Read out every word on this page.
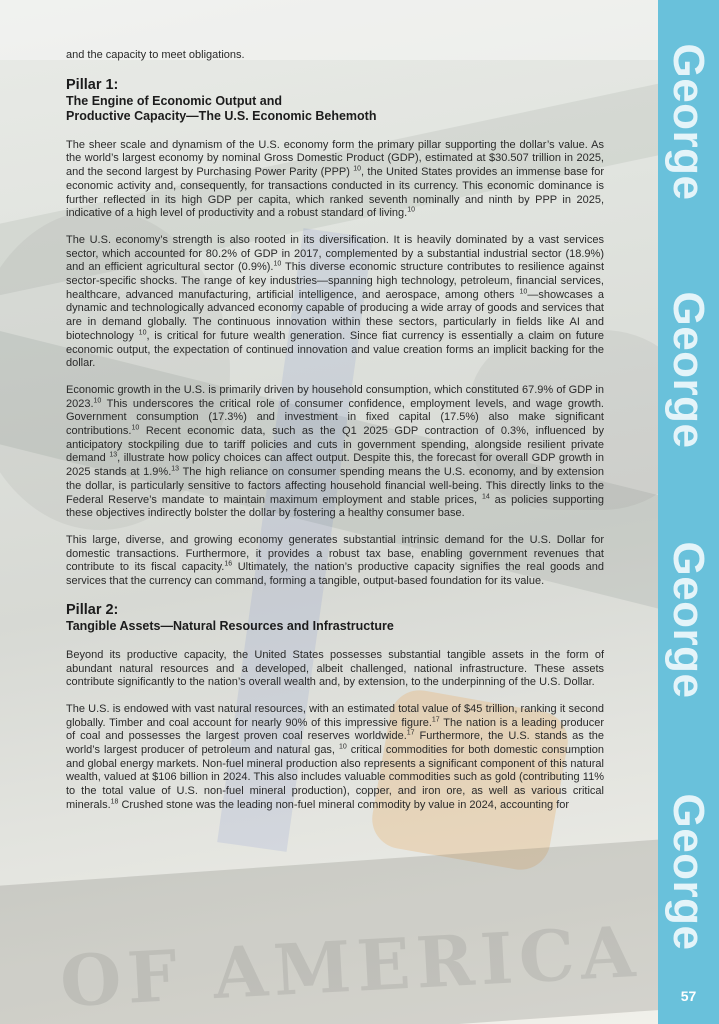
OF AMERICA
George
George
George
George
57

and the capacity to meet obligations.

Pillar 1:
The Engine of Economic Output and
Productive Capacity—The U.S. Economic Behemoth

The sheer scale and dynamism of the U.S. economy form the primary pillar supporting the dollar’s value. As the world’s largest economy by nominal Gross Domestic Product (GDP), estimated at $30.507 trillion in 2025, and the second largest by Purchasing Power Parity (PPP) $^{10}$, the United States provides an immense base for economic activity and, consequently, for transactions conducted in its currency. This economic dominance is further reflected in its high GDP per capita, which ranked seventh nominally and ninth by PPP in 2025, indicative of a high level of productivity and a robust standard of living.$^{10}$

The U.S. economy’s strength is also rooted in its diversification. It is heavily dominated by a vast services sector, which accounted for 80.2% of GDP in 2017, complemented by a substantial industrial sector (18.9%) and an efficient agricultural sector (0.9%).$^{10}$ This diverse economic structure contributes to resilience against sector-specific shocks. The range of key industries—spanning high technology, petroleum, financial services, healthcare, advanced manufacturing, artificial intelligence, and aerospace, among others $^{10}$—showcases a dynamic and technologically advanced economy capable of producing a wide array of goods and services that are in demand globally. The continuous innovation within these sectors, particularly in fields like AI and biotechnology $^{10}$, is critical for future wealth generation. Since fiat currency is essentially a claim on future economic output, the expectation of continued innovation and value creation forms an implicit backing for the dollar.

Economic growth in the U.S. is primarily driven by household consumption, which constituted 67.9% of GDP in 2023.10 This underscores the critical role of consumer confidence, employment levels, and wage growth. Government consumption (17.3%) and investment in fixed capital (17.5%) also make significant contributions.$^{10}$ Recent economic data, such as the Q1 2025 GDP contraction of 0.3%, influenced by anticipatory stockpiling due to tariff policies and cuts in government spending, alongside resilient private demand $^{13}$, illustrate how policy choices can affect output. Despite this, the forecast for overall GDP growth in 2025 stands at 1.9%.$^{13}$ The high reliance on consumer spending means the U.S. economy, and by extension the dollar, is particularly sensitive to factors affecting household financial well-being. This directly links to the Federal Reserve’s mandate to maintain maximum employment and stable prices, $^{14}$ as policies supporting these objectives indirectly bolster the dollar by fostering a healthy consumer base.

This large, diverse, and growing economy generates substantial intrinsic demand for the U.S. Dollar for domestic transactions. Furthermore, it provides a robust tax base, enabling government revenues that contribute to its fiscal capacity.$^{16}$ Ultimately, the nation’s productive capacity signifies the real goods and services that the currency can command, forming a tangible, output-based foundation for its value.

Pillar 2:
Tangible Assets—Natural Resources and Infrastructure

Beyond its productive capacity, the United States possesses substantial tangible assets in the form of abundant natural resources and a developed, albeit challenged, national infrastructure. These assets contribute significantly to the nation’s overall wealth and, by extension, to the underpinning of the U.S. Dollar.

The U.S. is endowed with vast natural resources, with an estimated total value of $45 trillion, ranking it second globally. Timber and coal account for nearly 90% of this impressive figure.$^{17}$ The nation is a leading producer of coal and possesses the largest proven coal reserves worldwide.$^{17}$ Furthermore, the U.S. stands as the world’s largest producer of petroleum and natural gas, $^{10}$ critical commodities for both domestic consumption and global energy markets. Non-fuel mineral production also represents a significant component of this natural wealth, valued at $106 billion in 2024. This also includes valuable commodities such as gold (contributing 11% to the total value of U.S. non-fuel mineral production), copper, and iron ore, as well as various critical minerals.$^{18}$ Crushed stone was the leading non-fuel mineral commodity by value in 2024, accounting for
